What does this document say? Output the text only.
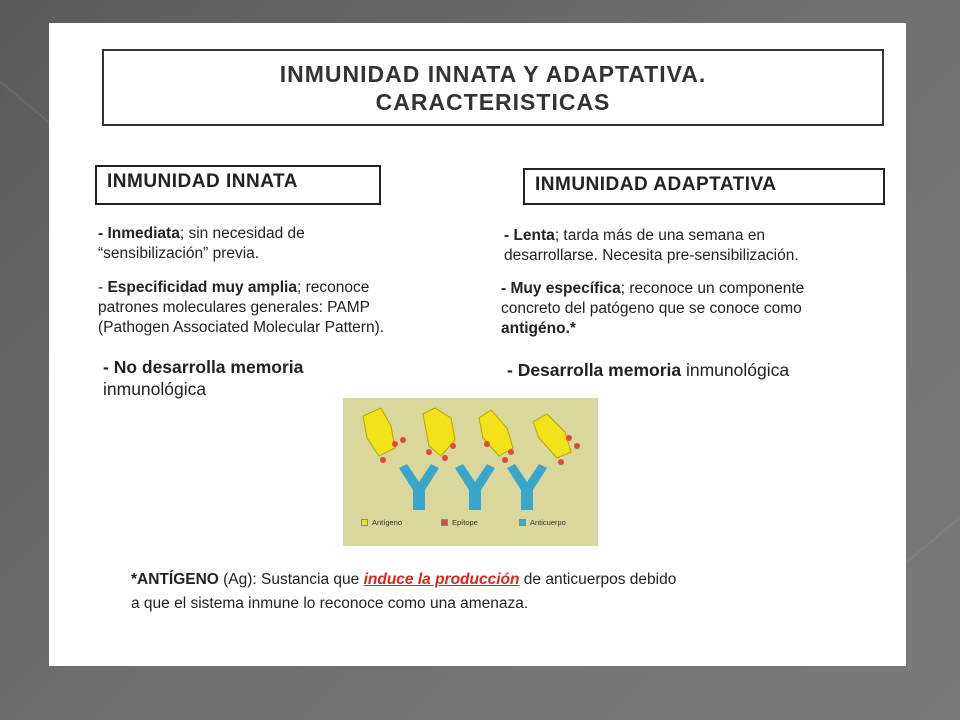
INMUNIDAD INNATA Y ADAPTATIVA.
CARACTERISTICAS
INMUNIDAD INNATA
- Inmediata; sin necesidad de
“sensibilización” previa.
- Especificidad muy amplia; reconoce
patrones moleculares generales: PAMP
(Pathogen Associated Molecular Pattern).
- No desarrolla memoria
inmunológica
INMUNIDAD ADAPTATIVA
- Lenta; tarda más de una semana en
desarrollarse. Necesita pre-sensibilización.
- Muy específica; reconoce un componente
concreto del patógeno que se conoce como
antigéno.*
- Desarrolla memoria inmunológica
Antígeno	Epítope	Anticuerpo
*ANTÍGENO (Ag): Sustancia que induce la producción de anticuerpos debido
a que el sistema inmune lo reconoce como una amenaza.
